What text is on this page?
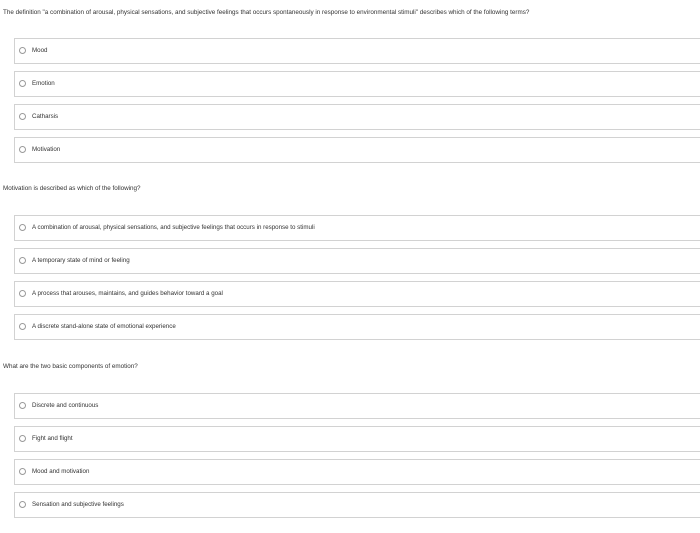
The definition "a combination of arousal, physical sensations, and subjective feelings that occurs spontaneously in response to environmental stimuli" describes which of the following terms?
Mood
Emotion
Catharsis
Motivation
Motivation is described as which of the following?
A combination of arousal, physical sensations, and subjective feelings that occurs in response to stimuli
A temporary state of mind or feeling
A process that arouses, maintains, and guides behavior toward a goal
A discrete stand-alone state of emotional experience
What are the two basic components of emotion?
Discrete and continuous
Fight and flight
Mood and motivation
Sensation and subjective feelings
